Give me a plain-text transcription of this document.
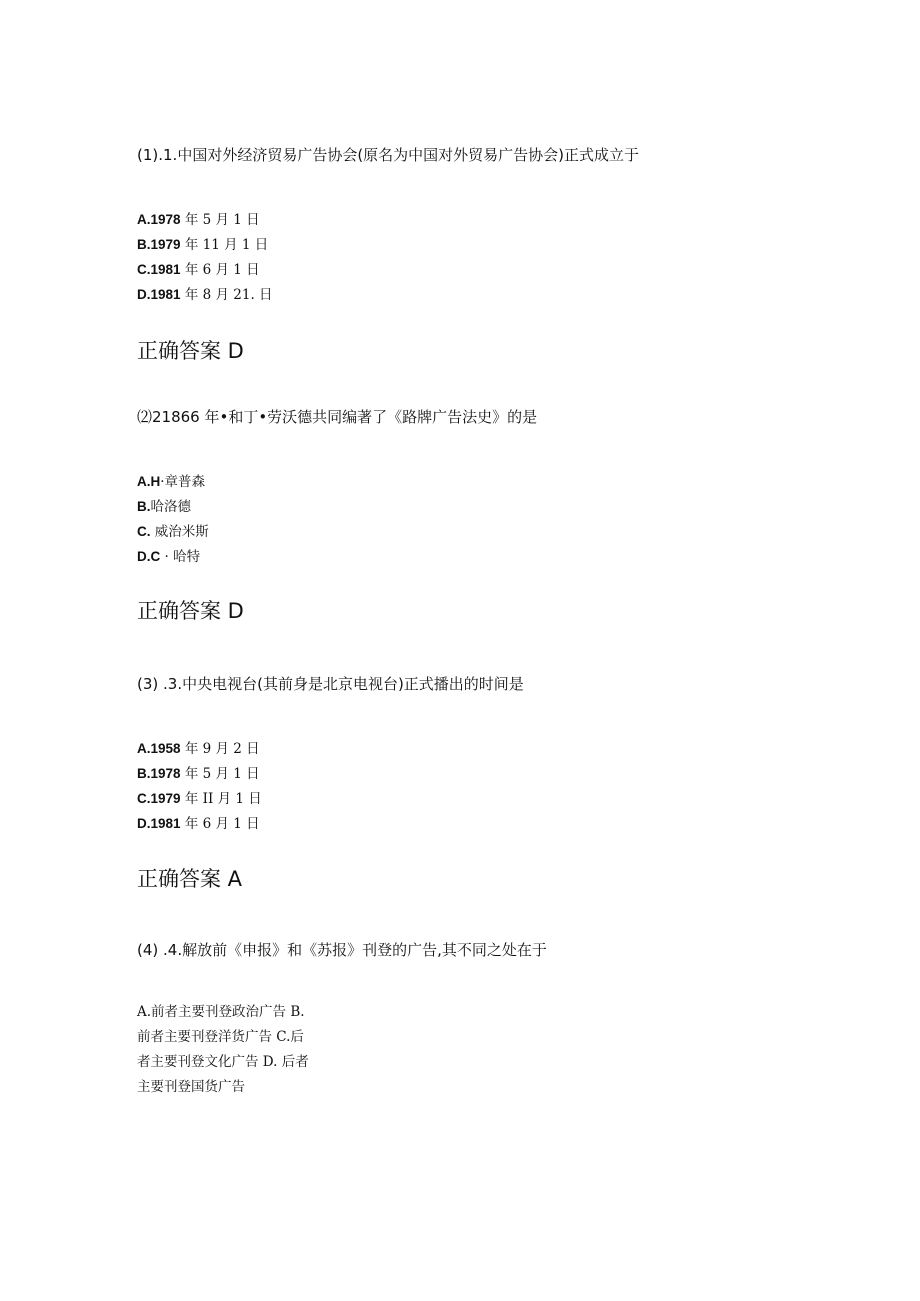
(1).1.中国对外经济贸易广告协会(原名为中国对外贸易广告协会)正式成立于
A.1978 年 5 月 1 日
B.1979 年 11 月 1 日
C.1981 年 6 月 1 日
D.1981 年 8 月 21. 日
正确答案 D
⑵21866 年•和丁•劳沃德共同编著了《路牌广告法史》的是
A.H·章普森
B.哈洛德
C. 威治米斯
D.C · 哈特
正确答案 D
(3) .3.中央电视台(其前身是北京电视台)正式播出的时间是
A.1958 年 9 月 2 日
B.1978 年 5 月 1 日
C.1979 年 II 月 1 日
D.1981 年 6 月 1 日
正确答案 A
(4) .4.解放前《申报》和《苏报》刊登的广告,其不同之处在于
A.前者主要刊登政治广告 B.
前者主要刊登洋货广告 C.后
者主要刊登文化广告 D. 后者
主要刊登国货广告
